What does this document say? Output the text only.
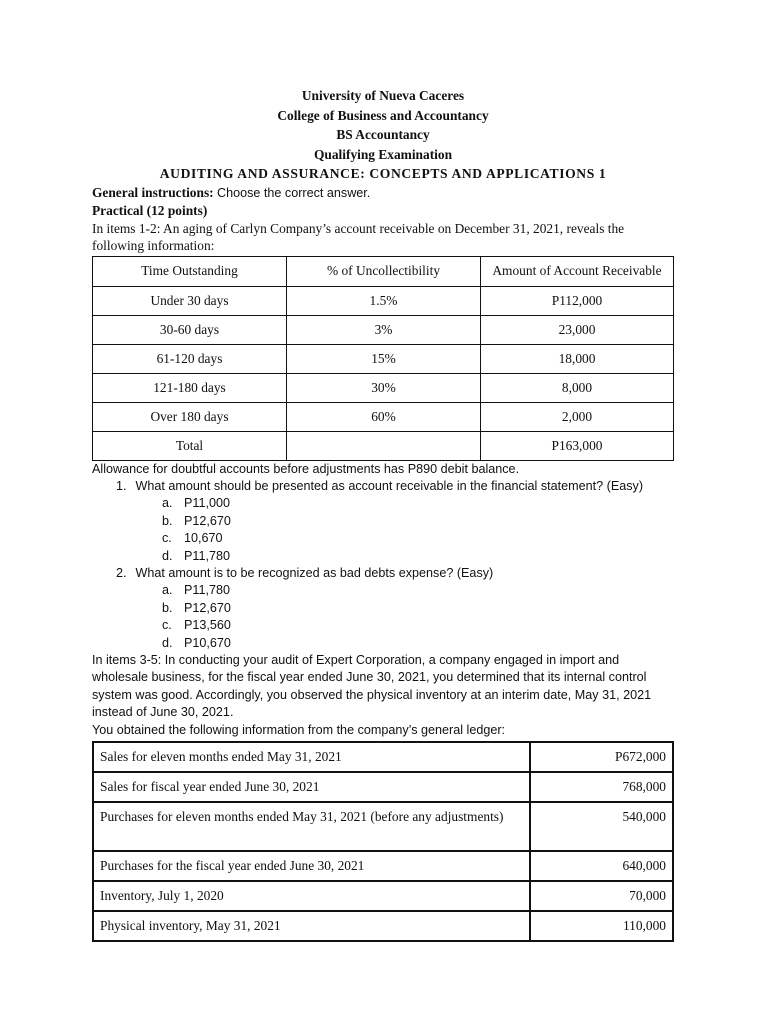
University of Nueva Caceres
College of Business and Accountancy
BS Accountancy
Qualifying Examination
AUDITING AND ASSURANCE: CONCEPTS AND APPLICATIONS 1
General instructions: Choose the correct answer.
Practical (12 points)
In items 1-2: An aging of Carlyn Company’s account receivable on December 31, 2021, reveals the following information:
Time Outstanding	% of Uncollectibility	Amount of Account Receivable
Under 30 days	1.5%	P112,000
30-60 days	3%	23,000
61-120 days	15%	18,000
121-180 days	30%	8,000
Over 180 days	60%	2,000
Total		P163,000
Allowance for doubtful accounts before adjustments has P890 debit balance.
1. What amount should be presented as account receivable in the financial statement? (Easy)
a. P11,000
b. P12,670
c. 10,670
d. P11,780
2. What amount is to be recognized as bad debts expense? (Easy)
a. P11,780
b. P12,670
c. P13,560
d. P10,670
In items 3-5: In conducting your audit of Expert Corporation, a company engaged in import and wholesale business, for the fiscal year ended June 30, 2021, you determined that its internal control system was good. Accordingly, you observed the physical inventory at an interim date, May 31, 2021 instead of June 30, 2021.
You obtained the following information from the company’s general ledger:
Sales for eleven months ended May 31, 2021	P672,000
Sales for fiscal year ended June 30, 2021	768,000
Purchases for eleven months ended May 31, 2021 (before any adjustments)	540,000
Purchases for the fiscal year ended June 30, 2021	640,000
Inventory, July 1, 2020	70,000
Physical inventory, May 31, 2021	110,000
